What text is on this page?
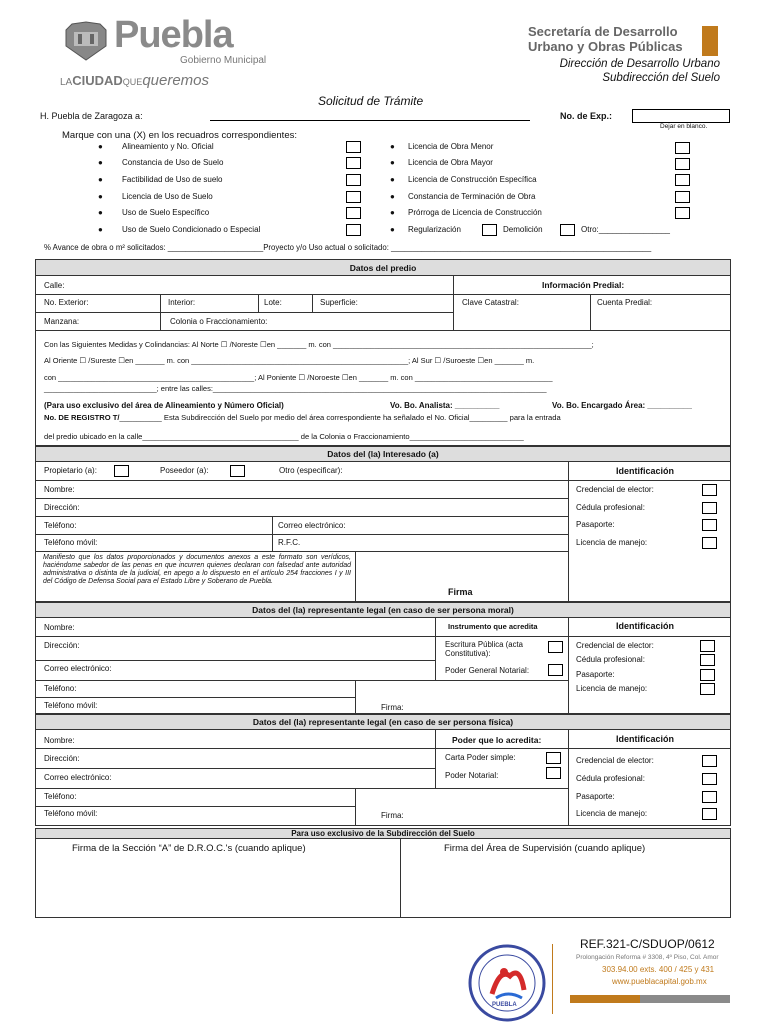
Puebla
Gobierno Municipal
LACIUDADQUEqueremos
Secretaría de Desarrollo
Urbano y Obras Públicas
Dirección de Desarrollo Urbano
Subdirección del Suelo
Solicitud de Trámite
H. Puebla de Zaragoza a:	No. de Exp.:
Dejar en blanco.
Marque con una (X) en los recuadros correspondientes:
● Alineamiento y No. Oficial
● Constancia de Uso de Suelo
● Factibilidad de Uso de suelo
● Licencia de Uso de Suelo
● Uso de Suelo Específico
● Uso de Suelo Condicionado o Especial
● Licencia de Obra Menor
● Licencia de Obra Mayor
● Licencia de Construcción Específica
● Constancia de Terminación de Obra
● Prórroga de Licencia de Construcción
● Regularización	Demolición	Otro:________________
% Avance de obra o m² solicitados: ______________________Proyecto y/o Uso actual o solicitado: ____________________________________________________________
Datos del predio
Calle:	Información Predial:
No. Exterior:	Interior:	Lote:	Superficie:	Clave Catastral:	Cuenta Predial:
Manzana:	Colonia o Fraccionamiento:
Con las Siguientes Medidas y Colindancias: Al Norte ☐ /Noreste ☐en _______ m. con ______________________________________________________________;
Al Oriente ☐ /Sureste ☐en _______ m. con ____________________________________________________; Al Sur ☐ /Suroeste ☐en _______ m.
con _______________________________________________; Al Poniente ☐ /Noroeste ☐en _______ m. con _________________________________
___________________________; entre las calles:________________________________________________________________________________
(Para uso exclusivo del área de Alineamiento y Número Oficial)	Vo. Bo. Analista: __________	Vo. Bo. Encargado Área: __________
No. DE REGISTRO T/__________ Esta Subdirección del Suelo por medio del área correspondiente ha señalado el No. Oficial_________ para la entrada
del predio ubicado en la calle_____________________________________ de la Colonia o Fraccionamiento___________________________
Datos del (la) Interesado (a)
Propietario (a):	Poseedor (a):	Otro (especificar):	Identificación
Nombre:
Dirección:
Teléfono:	Correo electrónico:
Teléfono móvil:	R.F.C.
Credencial de elector:
Cédula profesional:
Pasaporte:
Licencia de manejo:
Manifiesto que los datos proporcionados y documentos anexos a este formato son verídicos, haciéndome sabedor de las penas en que incurren quienes declaran con falsedad ante autoridad administrativa o distinta de la judicial, en apego a lo dispuesto en el artículo 254 fracciones I y III del Código de Defensa Social para el Estado Libre y Soberano de Puebla.
Firma
Datos del (la) representante legal (en caso de ser persona moral)
Nombre:	Instrumento que acredita	Identificación
Dirección:	Escritura Pública (acta Constitutiva):
Correo electrónico:	Poder General Notarial:
Teléfono:
Teléfono móvil:	Firma:
Credencial de elector:
Cédula profesional:
Pasaporte:
Licencia de manejo:
Datos del (la) representante legal (en caso de ser persona física)
Nombre:	Poder que lo acredita:	Identificación
Dirección:	Carta Poder simple:
Correo electrónico:	Poder Notarial:
Teléfono:
Teléfono móvil:	Firma:
Credencial de elector:
Cédula profesional:
Pasaporte:
Licencia de manejo:
Para uso exclusivo de la Subdirección del Suelo
Firma de la Sección “A” de D.R.O.C.'s (cuando aplique)	Firma del Área de Supervisión (cuando aplique)
PUEBLA
REF.321-C/SDUOP/0612
Prolongación Reforma # 3308, 4º Piso, Col. Amor
303.94.00 exts. 400 / 425 y 431
www.pueblacapital.gob.mx
